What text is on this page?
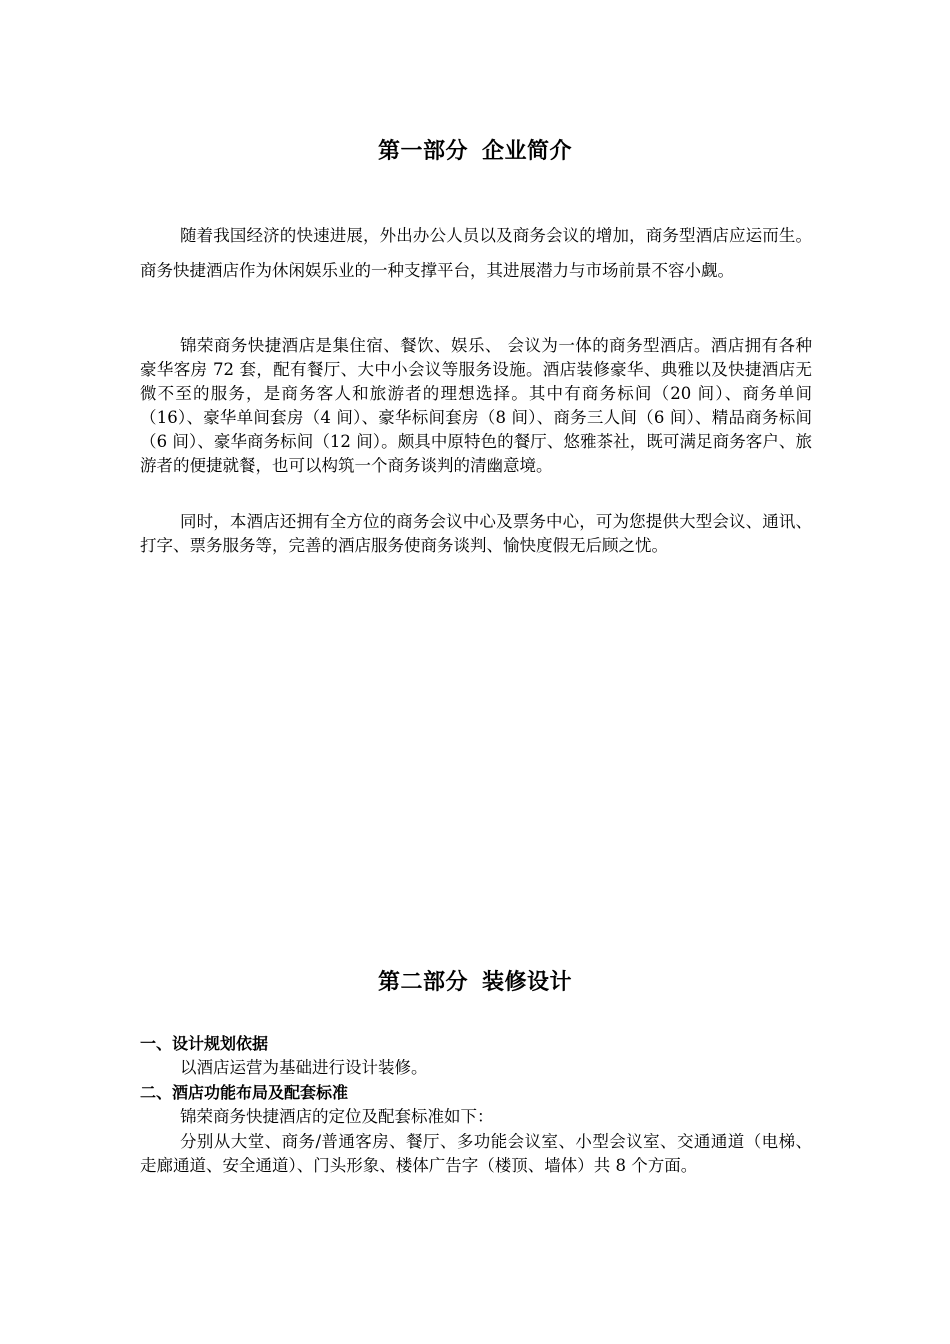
第一部分 企业简介

随着我国经济的快速进展，外出办公人员以及商务会议的增加，商务型酒店应运而生。商务快捷酒店作为休闲娱乐业的一种支撑平台，其进展潜力与市场前景不容小觑。

锦荣商务快捷酒店是集住宿、餐饮、娱乐、 会议为一体的商务型酒店。酒店拥有各种豪华客房 72 套，配有餐厅、大中小会议等服务设施。酒店装修豪华、典雅以及快捷酒店无微不至的服务，是商务客人和旅游者的理想选择。其中有商务标间（20 间）、商务单间（16）、豪华单间套房（4 间）、豪华标间套房（8 间）、商务三人间（6 间）、精品商务标间（6 间）、豪华商务标间（12 间）。颇具中原特色的餐厅、悠雅茶社，既可满足商务客户、旅游者的便捷就餐，也可以构筑一个商务谈判的清幽意境。

同时，本酒店还拥有全方位的商务会议中心及票务中心，可为您提供大型会议、通讯、打字、票务服务等，完善的酒店服务使商务谈判、愉快度假无后顾之忧。

第二部分 装修设计

一、设计规划依据

以酒店运营为基础进行设计装修。

二、酒店功能布局及配套标准

锦荣商务快捷酒店的定位及配套标准如下：

分别从大堂、商务/普通客房、餐厅、多功能会议室、小型会议室、交通通道（电梯、走廊通道、安全通道）、门头形象、楼体广告字（楼顶、墙体）共 8 个方面。
